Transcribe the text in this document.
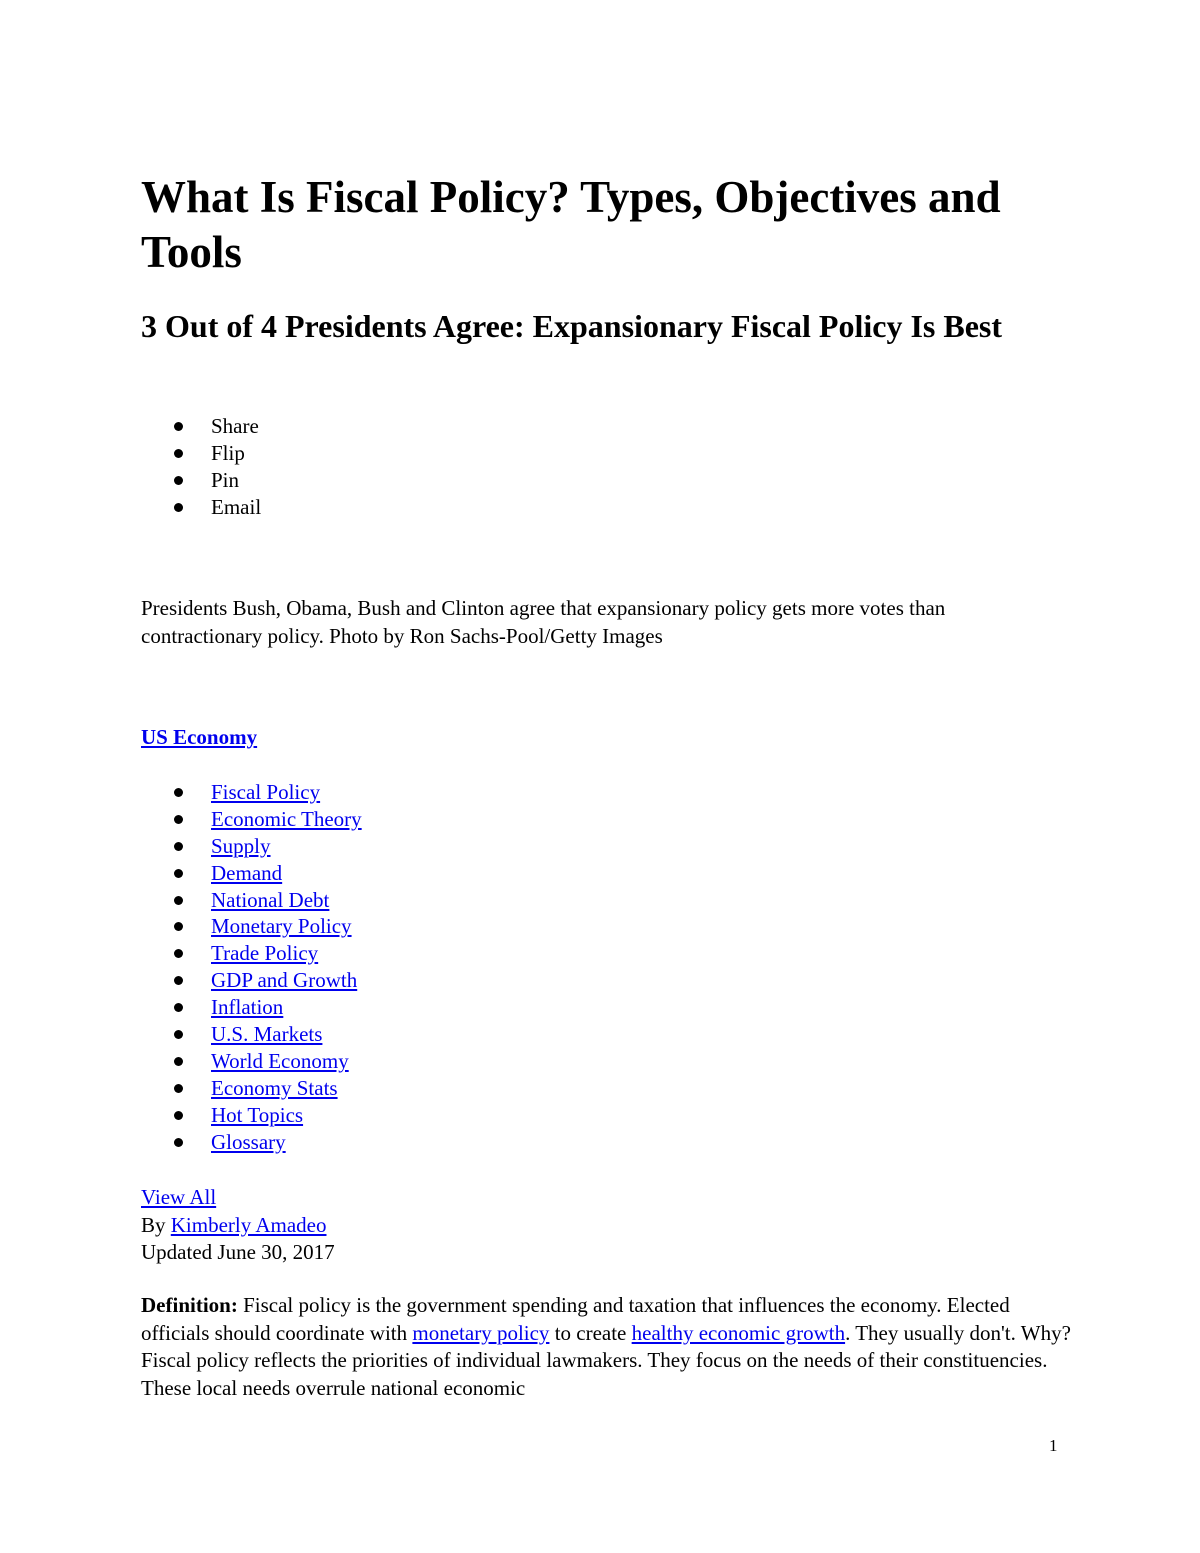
What Is Fiscal Policy? Types, Objectives and Tools
3 Out of 4 Presidents Agree: Expansionary Fiscal Policy Is Best
Share
Flip
Pin
Email

Presidents Bush, Obama, Bush and Clinton agree that expansionary policy gets more votes than contractionary policy. Photo by Ron Sachs-Pool/Getty Images

US Economy
Fiscal Policy
Economic Theory
Supply
Demand
National Debt
Monetary Policy
Trade Policy
GDP and Growth
Inflation
U.S. Markets
World Economy
Economy Stats
Hot Topics
Glossary
View All
By Kimberly Amadeo
Updated June 30, 2017

Definition: Fiscal policy is the government spending and taxation that influences the economy. Elected officials should coordinate with monetary policy to create healthy economic growth. They usually don't. Why? Fiscal policy reflects the priorities of individual lawmakers. They focus on the needs of their constituencies. These local needs overrule national economic

1
